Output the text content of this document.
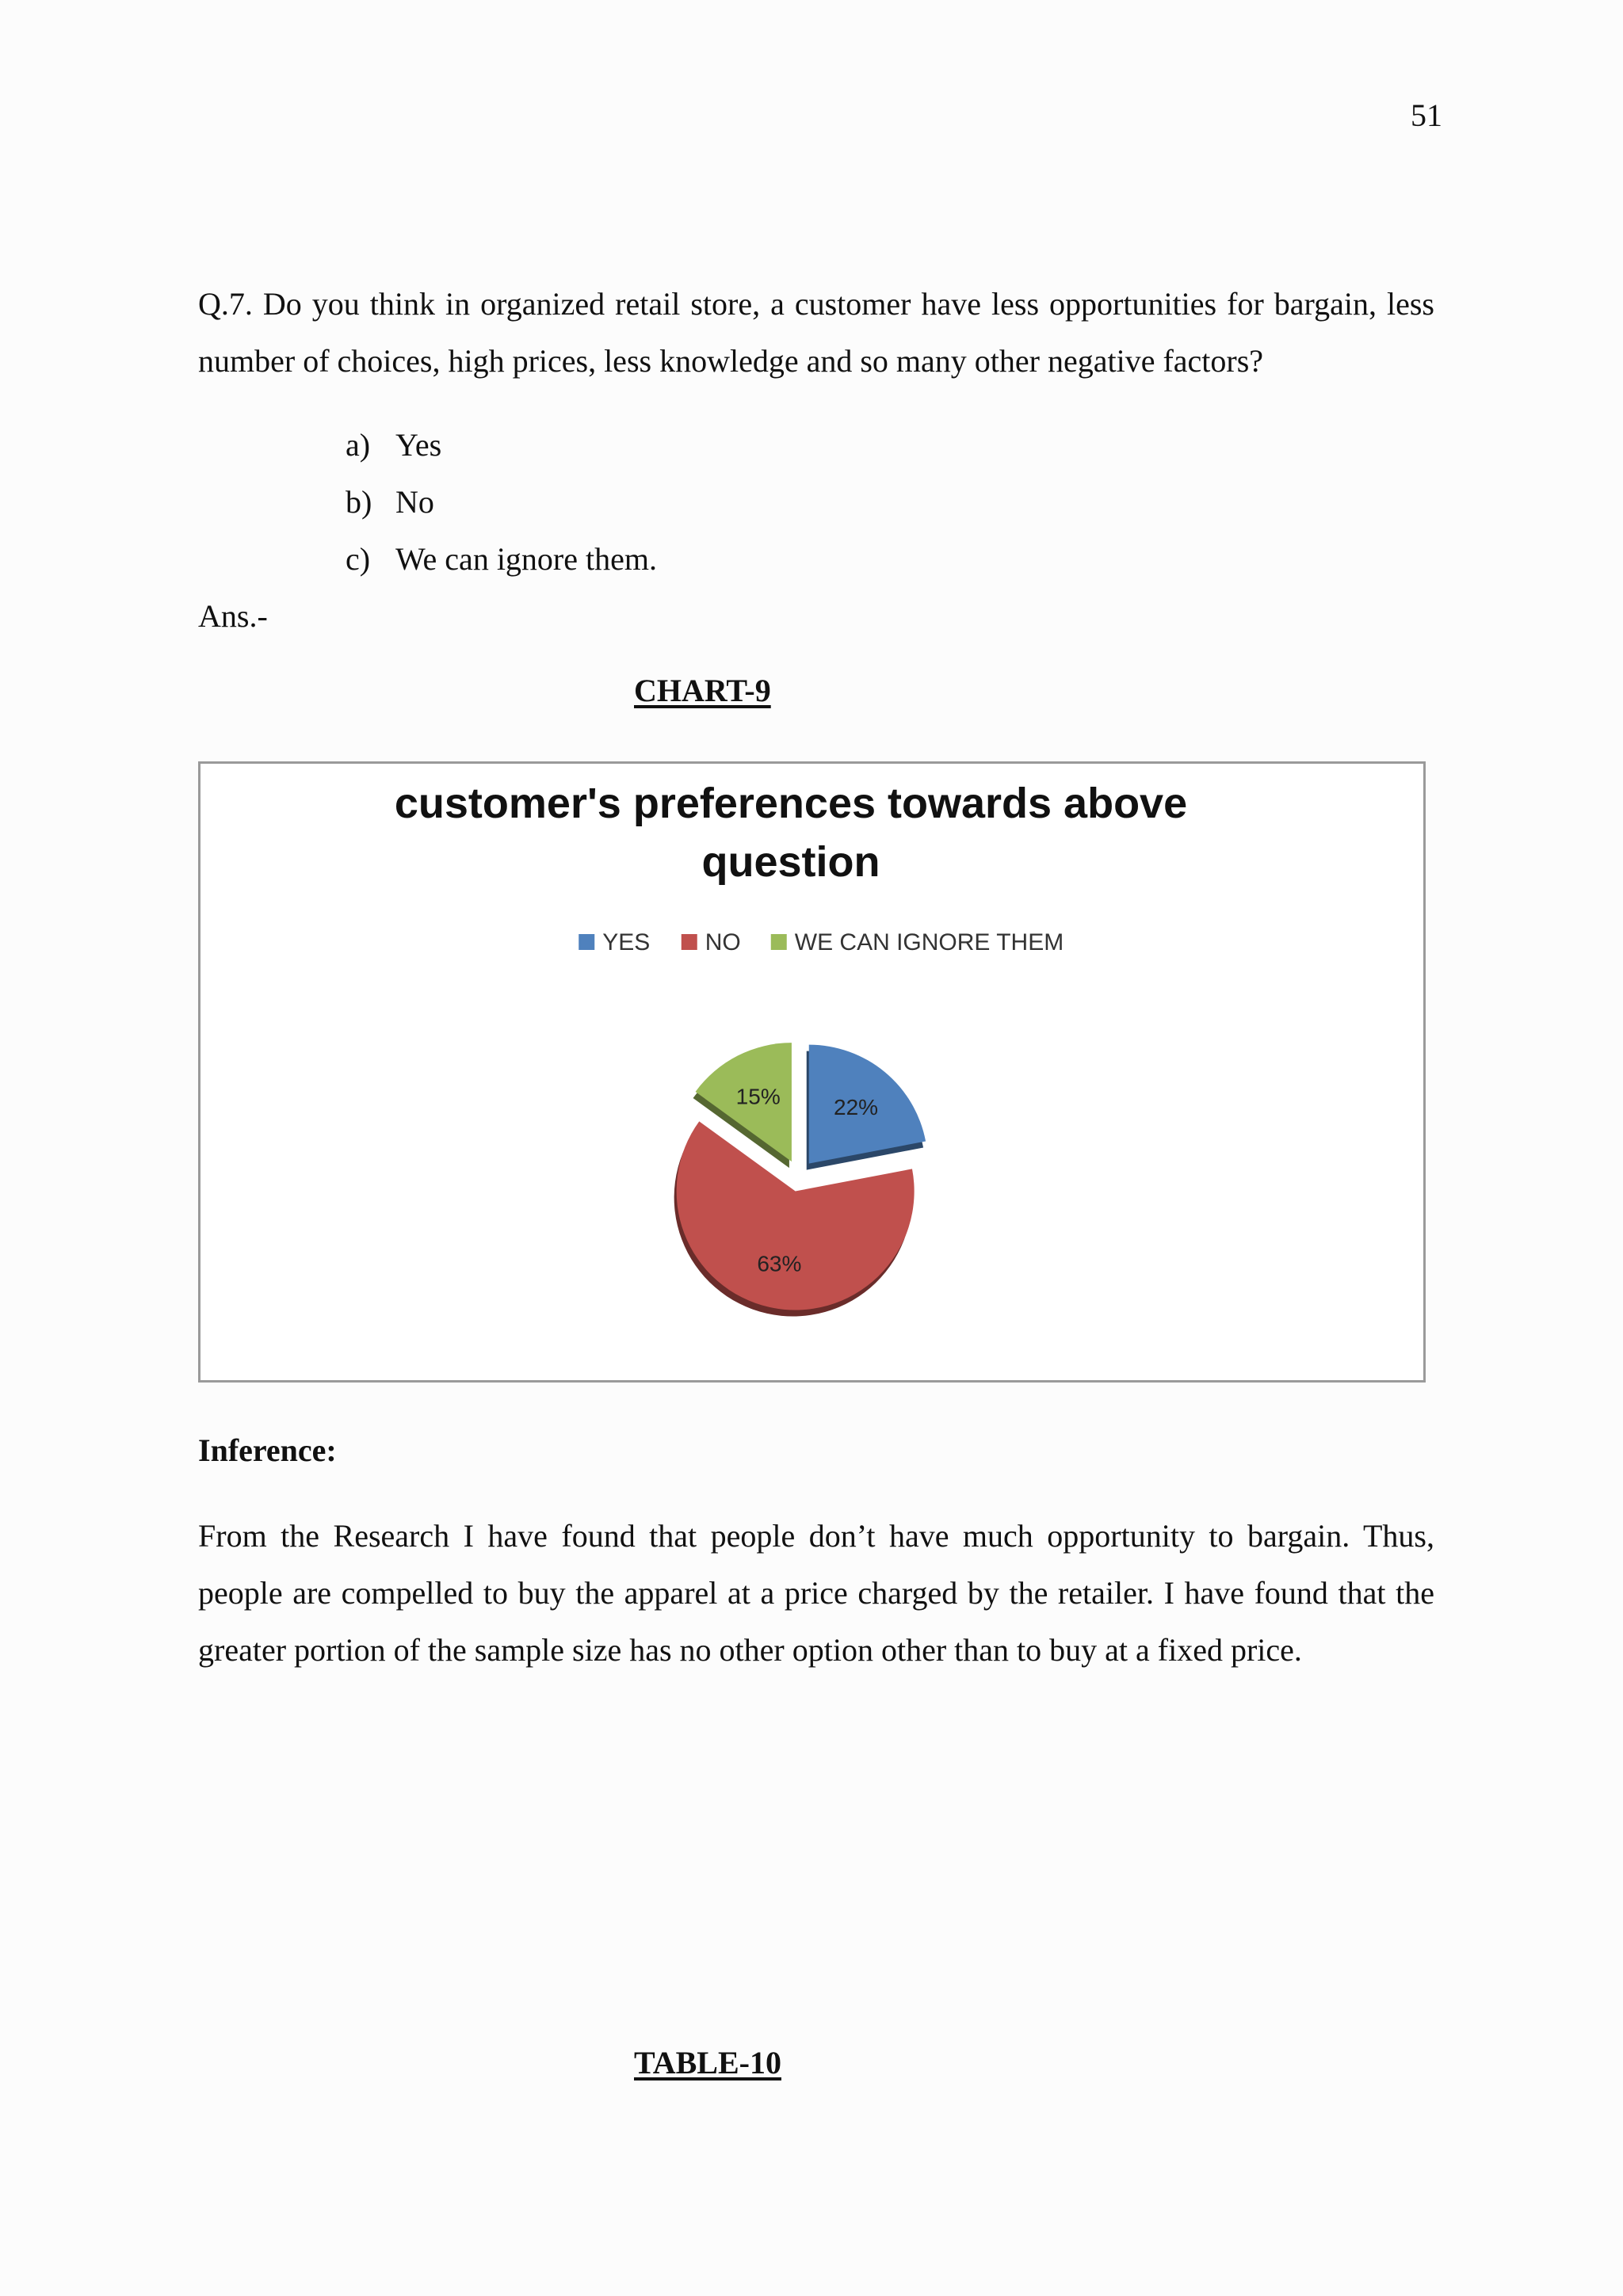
51
Q.7. Do you think in organized retail store, a customer have less opportunities for bargain, less number of choices, high prices, less knowledge and so many other negative factors?
a) Yes
b) No
c) We can ignore them.
Ans.-
CHART-9
customer's preferences towards above
question
YES NO WE CAN IGNORE THEM
22%
63%
15%
Inference:
From the Research I have found that people don’t have much opportunity to bargain. Thus, people are compelled to buy the apparel at a price charged by the retailer. I have found that the greater portion of the sample size has no other option other than to buy at a fixed price.
TABLE-10
